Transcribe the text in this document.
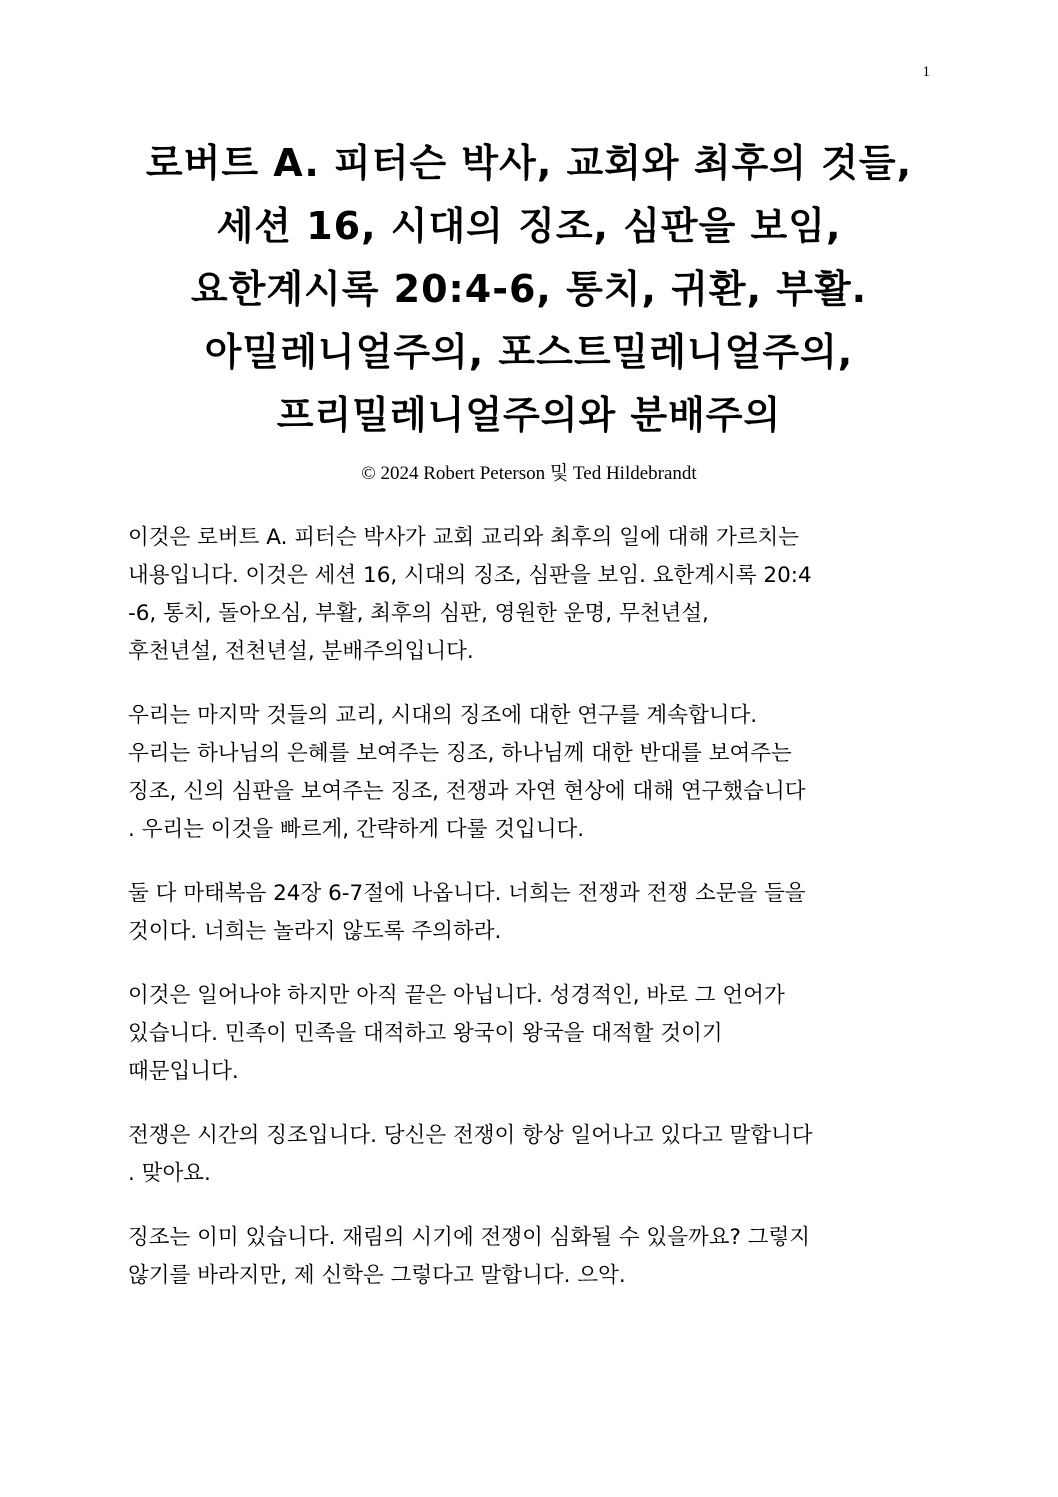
1
로버트 A. 피터슨 박사, 교회와 최후의 것들,
세션 16, 시대의 징조, 심판을 보임,
요한계시록 20:4-6, 통치, 귀환, 부활.
아밀레니얼주의, 포스트밀레니얼주의,
프리밀레니얼주의와 분배주의
© 2024 Robert Peterson 및 Ted Hildebrandt
이것은 로버트 A. 피터슨 박사가 교회 교리와 최후의 일에 대해 가르치는
내용입니다. 이것은 세션 16, 시대의 징조, 심판을 보임. 요한계시록 20:4
-6, 통치, 돌아오심, 부활, 최후의 심판, 영원한 운명, 무천년설,
후천년설, 전천년설, 분배주의입니다.
우리는 마지막 것들의 교리, 시대의 징조에 대한 연구를 계속합니다.
우리는 하나님의 은혜를 보여주는 징조, 하나님께 대한 반대를 보여주는
징조, 신의 심판을 보여주는 징조, 전쟁과 자연 현상에 대해 연구했습니다
. 우리는 이것을 빠르게, 간략하게 다룰 것입니다.
둘 다 마태복음 24장 6-7절에 나옵니다. 너희는 전쟁과 전쟁 소문을 들을
것이다. 너희는 놀라지 않도록 주의하라.
이것은 일어나야 하지만 아직 끝은 아닙니다. 성경적인, 바로 그 언어가
있습니다. 민족이 민족을 대적하고 왕국이 왕국을 대적할 것이기
때문입니다.
전쟁은 시간의 징조입니다. 당신은 전쟁이 항상 일어나고 있다고 말합니다
. 맞아요.
징조는 이미 있습니다. 재림의 시기에 전쟁이 심화될 수 있을까요? 그렇지
않기를 바라지만, 제 신학은 그렇다고 말합니다. 으악.
